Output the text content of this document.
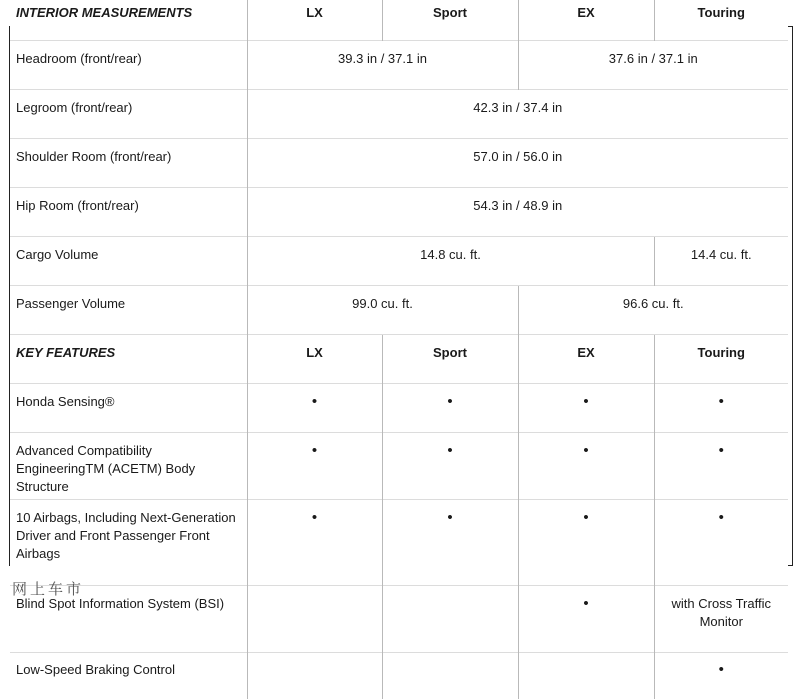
INTERIOR MEASUREMENTS	LX	Sport	EX	Touring
Headroom (front/rear)	39.3 in / 37.1 in		37.6 in / 37.1 in	
Legroom (front/rear)	42.3 in / 37.4 in			
Shoulder Room (front/rear)	57.0 in / 56.0 in			
Hip Room (front/rear)	54.3 in / 48.9 in			
Cargo Volume	14.8 cu. ft.			14.4 cu. ft.
Passenger Volume	99.0 cu. ft.		96.6 cu. ft.	
KEY FEATURES	LX	Sport	EX	Touring
Honda Sensing®	•	•	•	•
Advanced Compatibility EngineeringTM (ACETM) Body Structure	•	•	•	•
10 Airbags, Including Next-Generation Driver and Front Passenger Front Airbags	•	•	•	•
Blind Spot Information System (BSI)			•	with Cross Traffic Monitor
Low-Speed Braking Control				•
网上车市
